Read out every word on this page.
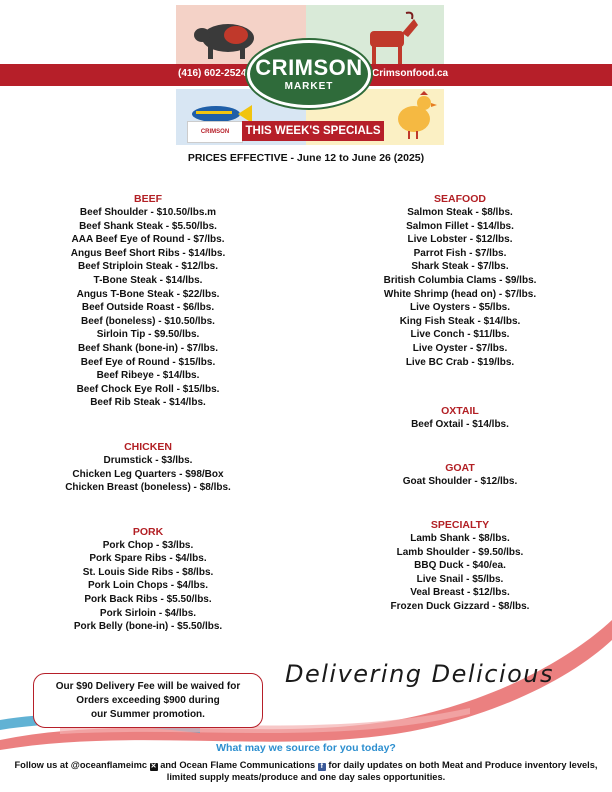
(416) 602-2524	Crimsonfood.ca
CRIMSON
MARKET
CRIMSON	THIS WEEK'S SPECIALS
PRICES EFFECTIVE - June 12 to June 26 (2025)
BEEF
Beef Shoulder - $10.50/lbs.m
Beef Shank Steak - $5.50/lbs.
AAA Beef Eye of Round - $7/lbs.
Angus Beef Short Ribs - $14/lbs.
Beef Striploin Steak - $12/lbs.
T-Bone Steak - $14/lbs.
Angus T-Bone Steak - $22/lbs.
Beef Outside Roast - $6/lbs.
Beef (boneless) - $10.50/lbs.
Sirloin Tip - $9.50/lbs.
Beef Shank (bone-in) - $7/lbs.
Beef Eye of Round - $15/lbs.
Beef Ribeye - $14/lbs.
Beef Chock Eye Roll - $15/lbs.
Beef Rib Steak - $14/lbs.
CHICKEN
Drumstick - $3/lbs.
Chicken Leg Quarters - $98/Box
Chicken Breast (boneless) - $8/lbs.
PORK
Pork Chop - $3/lbs.
Pork Spare Ribs - $4/lbs.
St. Louis Side Ribs - $8/lbs.
Pork Loin Chops - $4/lbs.
Pork Back Ribs - $5.50/lbs.
Pork Sirloin - $4/lbs.
Pork Belly (bone-in) - $5.50/lbs.
SEAFOOD
Salmon Steak - $8/lbs.
Salmon Fillet - $14/lbs.
Live Lobster - $12/lbs.
Parrot Fish - $7/lbs.
Shark Steak - $7/lbs.
British Columbia Clams - $9/lbs.
White Shrimp (head on) - $7/lbs.
Live Oysters - $5/lbs.
King Fish Steak - $14/lbs.
Live Conch - $11/lbs.
Live Oyster - $7/lbs.
Live BC Crab - $19/lbs.
OXTAIL
Beef Oxtail - $14/lbs.
GOAT
Goat Shoulder - $12/lbs.
SPECIALTY
Lamb Shank - $8/lbs.
Lamb Shoulder - $9.50/lbs.
BBQ Duck - $40/ea.
Live Snail - $5/lbs.
Veal Breast - $12/lbs.
Frozen Duck Gizzard - $8/lbs.
Delivering Delicious
Our $90 Delivery Fee will be waived for
Orders exceeding $900 during
our Summer promotion.
What may we source for you today?
Follow us at @oceanflameimc ✕ and Ocean Flame Communications f for daily updates on both Meat and Produce inventory levels,
limited supply meats/produce and one day sales opportunities.
